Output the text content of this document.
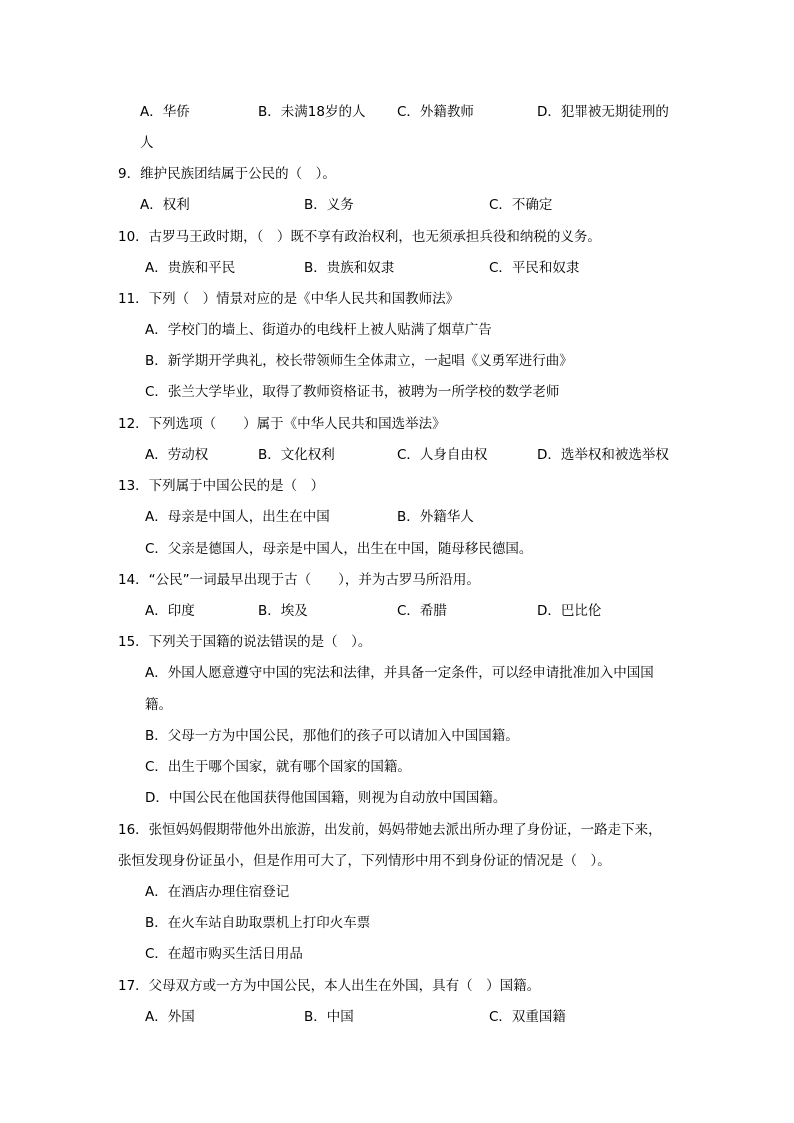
A．华侨	B．未满18岁的人 C．外籍教师	D．犯罪被无期徒刑的
人
9．维护民族团结属于公民的（　）。
A．权利	B．义务	C．不确定
10．古罗马王政时期，（　）既不享有政治权利，也无须承担兵役和纳税的义务。
A．贵族和平民	B．贵族和奴隶	C．平民和奴隶
11．下列（　）情景对应的是《中华人民共和国教师法》
A．学校门的墙上、街道办的电线杆上被人贴满了烟草广告
B．新学期开学典礼，校长带领师生全体肃立，一起唱《义勇军进行曲》
C．张兰大学毕业，取得了教师资格证书，被聘为一所学校的数学老师
12．下列选项（　　）属于《中华人民共和国选举法》
A．劳动权	B．文化权利	C．人身自由权	D．选举权和被选举权
13．下列属于中国公民的是（　）
A．母亲是中国人，出生在中国	B．外籍华人
C．父亲是德国人，母亲是中国人，出生在中国，随母移民德国。
14．“公民”一词最早出现于古（　　），并为古罗马所沿用。
A．印度	B．埃及	C．希腊	D．巴比伦
15．下列关于国籍的说法错误的是（　）。
A．外国人愿意遵守中国的宪法和法律，并具备一定条件，可以经申请批准加入中国国
籍。
B．父母一方为中国公民，那他们的孩子可以请加入中国国籍。
C．出生于哪个国家，就有哪个国家的国籍。
D．中国公民在他国获得他国国籍，则视为自动放中国国籍。
16．张恒妈妈假期带他外出旅游，出发前，妈妈带她去派出所办理了身份证，一路走下来，
张恒发现身份证虽小，但是作用可大了，下列情形中用不到身份证的情况是（　）。
A．在酒店办理住宿登记
B．在火车站自助取票机上打印火车票
C．在超市购买生活日用品
17．父母双方或一方为中国公民，本人出生在外国，具有（　）国籍。
A．外国	B．中国	C．双重国籍
